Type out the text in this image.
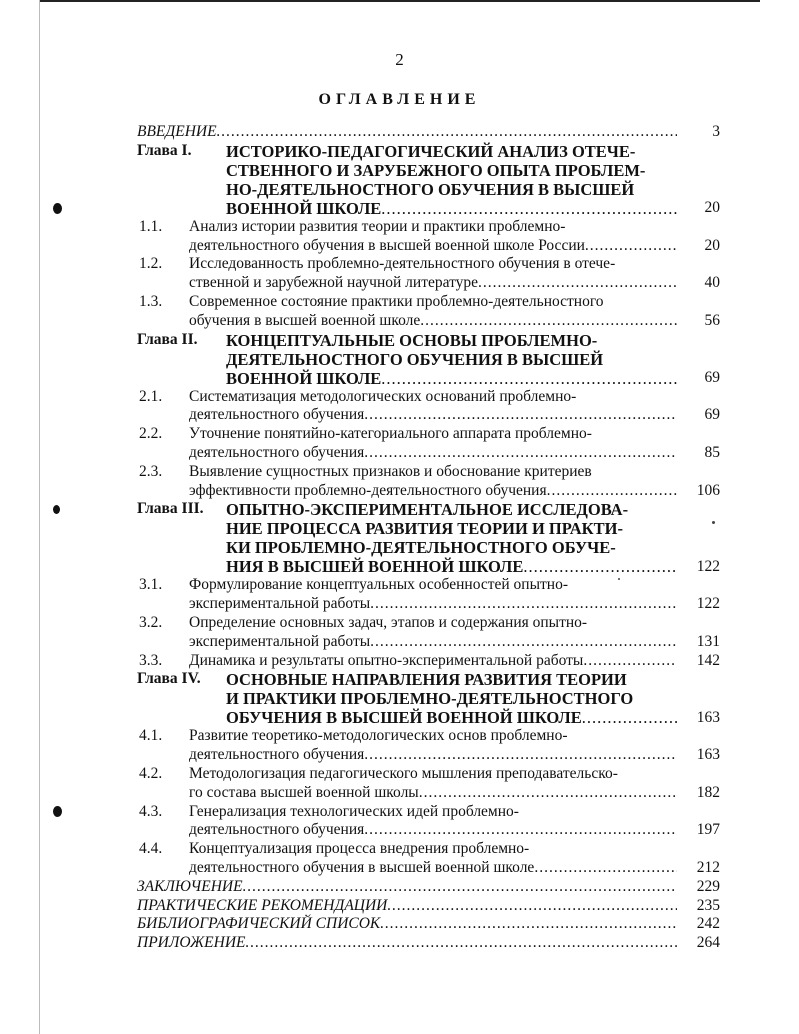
2
ОГЛАВЛЕНИЕ
ВВЕДЕНИЕ .....	3
Глава I. ИСТОРИКО-ПЕДАГОГИЧЕСКИЙ АНАЛИЗ ОТЕЧЕ-
СТВЕННОГО И ЗАРУБЕЖНОГО ОПЫТА ПРОБЛЕМ-
НО-ДЕЯТЕЛЬНОСТНОГО ОБУЧЕНИЯ В ВЫСШЕЙ
ВОЕННОЙ ШКОЛЕ .....	20
1.1. Анализ истории развития теории и практики проблемно-
деятельностного обучения в высшей военной школе России .....	20
1.2. Исследованность проблемно-деятельностного обучения в отече-
ственной и зарубежной научной литературе .....	40
1.3. Современное состояние практики проблемно-деятельностного
обучения в высшей военной школе .....	56
Глава II. КОНЦЕПТУАЛЬНЫЕ ОСНОВЫ ПРОБЛЕМНО-
ДЕЯТЕЛЬНОСТНОГО ОБУЧЕНИЯ В ВЫСШЕЙ
ВОЕННОЙ ШКОЛЕ .....	69
2.1. Систематизация методологических оснований проблемно-
деятельностного обучения .....	69
2.2. Уточнение понятийно-категориального аппарата проблемно-
деятельностного обучения .....	85
2.3. Выявление сущностных признаков и обоснование критериев
эффективности проблемно-деятельностного обучения .....	106
Глава III. ОПЫТНО-ЭКСПЕРИМЕНТАЛЬНОЕ ИССЛЕДОВА-
НИЕ ПРОЦЕССА РАЗВИТИЯ ТЕОРИИ И ПРАКТИ-
КИ ПРОБЛЕМНО-ДЕЯТЕЛЬНОСТНОГО ОБУЧЕ-
НИЯ В ВЫСШЕЙ ВОЕННОЙ ШКОЛЕ .....	122
3.1. Формулирование концептуальных особенностей опытно-
экспериментальной работы .....	122
3.2. Определение основных задач, этапов и содержания опытно-
экспериментальной работы .....	131
3.3. Динамика и результаты опытно-экспериментальной работы .....	142
Глава IV. ОСНОВНЫЕ НАПРАВЛЕНИЯ РАЗВИТИЯ ТЕОРИИ
И ПРАКТИКИ ПРОБЛЕМНО-ДЕЯТЕЛЬНОСТНОГО
ОБУЧЕНИЯ В ВЫСШЕЙ ВОЕННОЙ ШКОЛЕ .....	163
4.1. Развитие теоретико-методологических основ проблемно-
деятельностного обучения .....	163
4.2. Методологизация педагогического мышления преподавательско-
го состава высшей военной школы .....	182
4.3. Генерализация технологических идей проблемно-
деятельностного обучения .....	197
4.4. Концептуализация процесса внедрения проблемно-
деятельностного обучения в высшей военной школе .....	212
ЗАКЛЮЧЕНИЕ .....	229
ПРАКТИЧЕСКИЕ РЕКОМЕНДАЦИИ .....	235
БИБЛИОГРАФИЧЕСКИЙ СПИСОК .....	242
ПРИЛОЖЕНИЕ .....	264
